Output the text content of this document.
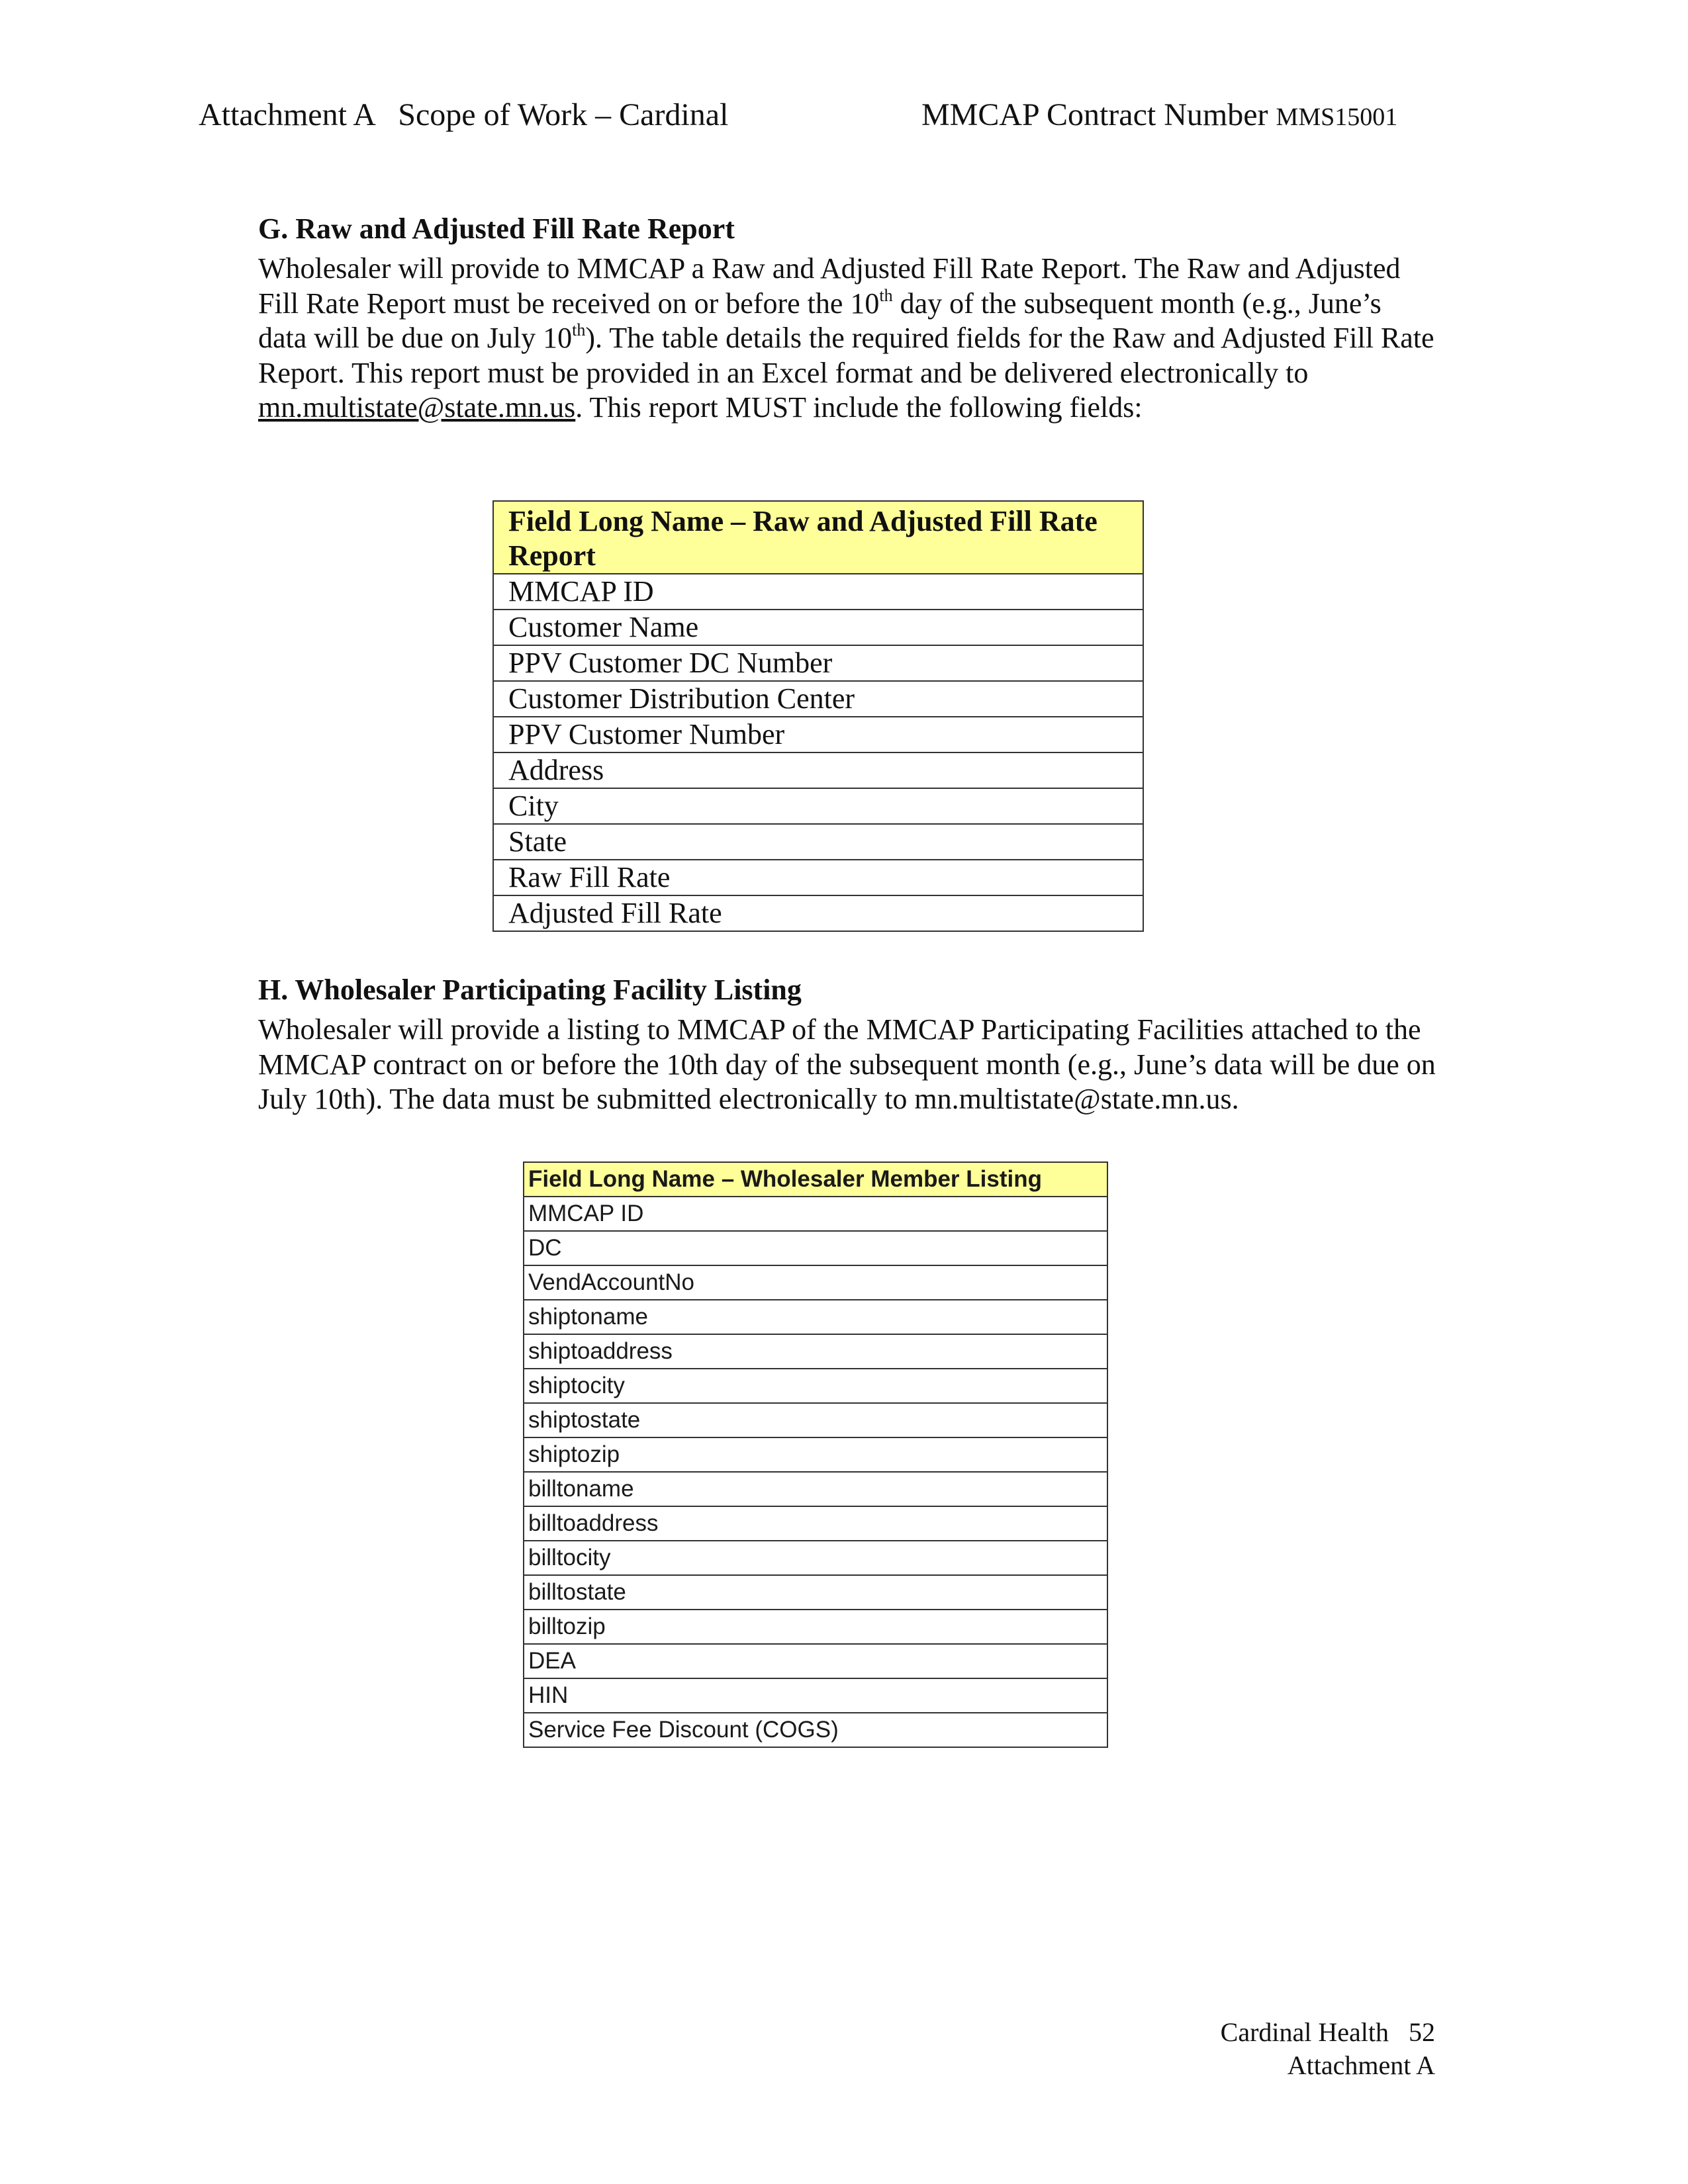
Attachment A   Scope of Work – Cardinal	MMCAP Contract Number MMS15001
G. Raw and Adjusted Fill Rate Report

Wholesaler will provide to MMCAP a Raw and Adjusted Fill Rate Report. The Raw and Adjusted Fill Rate Report must be received on or before the 10th day of the subsequent month (e.g., June’s data will be due on July 10th). The table details the required fields for the Raw and Adjusted Fill Rate Report. This report must be provided in an Excel format and be delivered electronically to mn.multistate@state.mn.us. This report MUST include the following fields:

Field Long Name – Raw and Adjusted Fill Rate Report
MMCAP ID
Customer Name
PPV Customer DC Number
Customer Distribution Center
PPV Customer Number
Address
City
State
Raw Fill Rate
Adjusted Fill Rate
H. Wholesaler Participating Facility Listing

Wholesaler will provide a listing to MMCAP of the MMCAP Participating Facilities attached to the MMCAP contract on or before the 10th day of the subsequent month (e.g., June’s data will be due on July 10th). The data must be submitted electronically to mn.multistate@state.mn.us.

Field Long Name – Wholesaler Member Listing
MMCAP ID
DC
VendAccountNo
shiptoname
shiptoaddress
shiptocity
shiptostate
shiptozip
billtoname
billtoaddress
billtocity
billtostate
billtozip
DEA
HIN
Service Fee Discount (COGS)
Cardinal Health   52
Attachment A
